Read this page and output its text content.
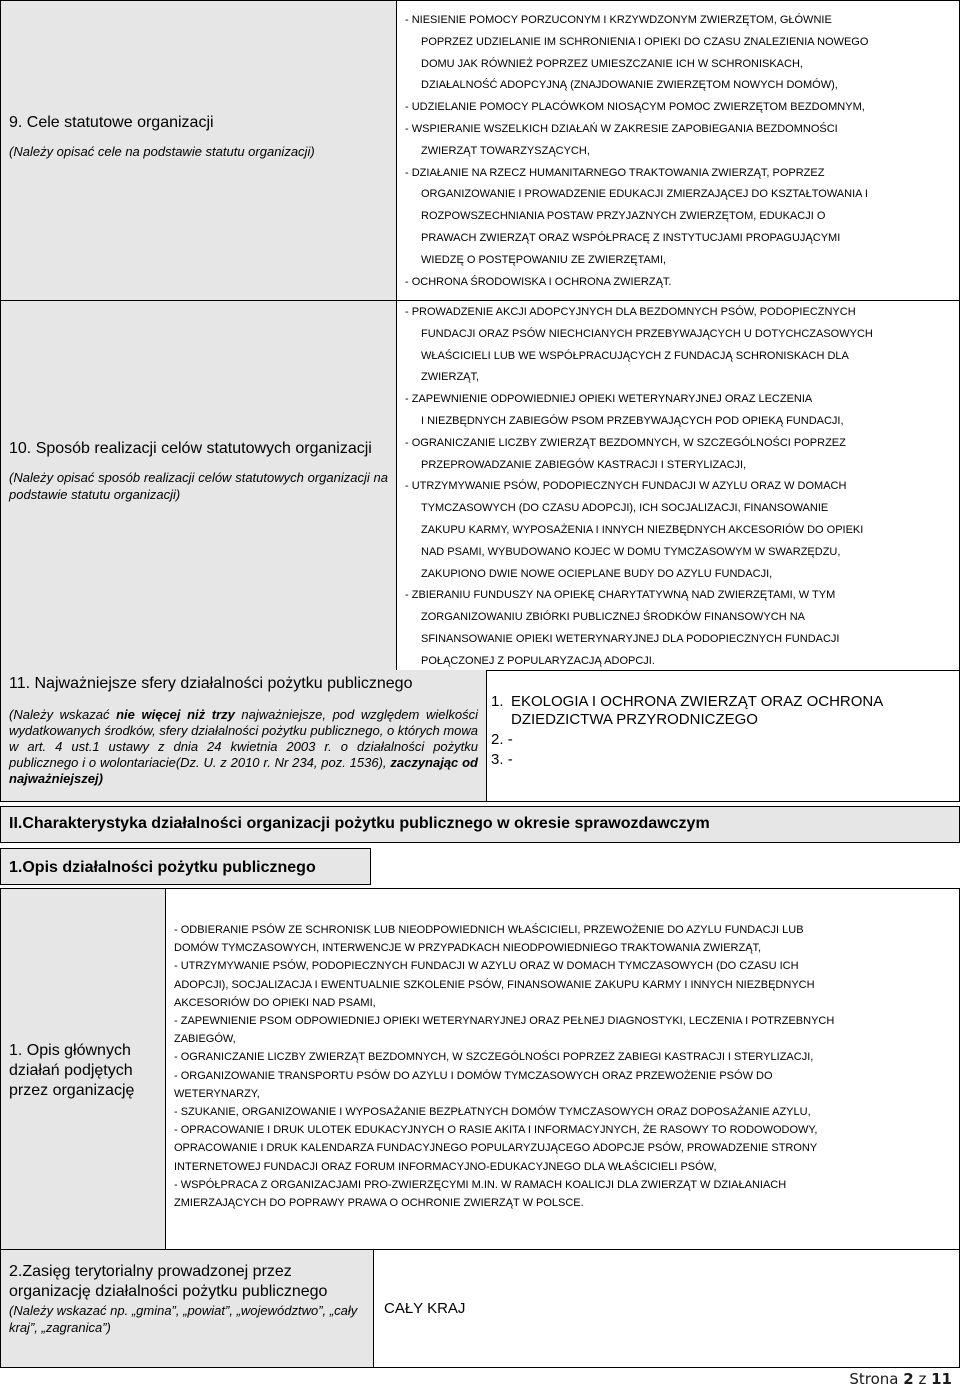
9. Cele statutowe organizacji
(Należy opisać cele na podstawie statutu organizacji)

- NIESIENIE POMOCY PORZUCONYM I KRZYWDZONYM ZWIERZĘTOM, GŁÓWNIE

POPRZEZ UDZIELANIE IM SCHRONIENIA I OPIEKI DO CZASU ZNALEZIENIA NOWEGO

DOMU JAK RÓWNIEŻ POPRZEZ UMIESZCZANIE ICH W SCHRONISKACH,

DZIAŁALNOŚĆ ADOPCYJNĄ (ZNAJDOWANIE ZWIERZĘTOM NOWYCH DOMÓW),

- UDZIELANIE POMOCY PLACÓWKOM NIOSĄCYM POMOC ZWIERZĘTOM BEZDOMNYM,

- WSPIERANIE WSZELKICH DZIAŁAŃ W ZAKRESIE ZAPOBIEGANIA BEZDOMNOŚCI

ZWIERZĄT TOWARZYSZĄCYCH,

- DZIAŁANIE NA RZECZ HUMANITARNEGO TRAKTOWANIA ZWIERZĄT, POPRZEZ

ORGANIZOWANIE I PROWADZENIE EDUKACJI ZMIERZAJĄCEJ DO KSZTAŁTOWANIA I

ROZPOWSZECHNIANIA POSTAW PRZYJAZNYCH ZWIERZĘTOM, EDUKACJI O

PRAWACH ZWIERZĄT ORAZ WSPÓŁPRACĘ Z INSTYTUCJAMI PROPAGUJĄCYMI

WIEDZĘ O POSTĘPOWANIU ZE ZWIERZĘTAMI,

- OCHRONA ŚRODOWISKA I OCHRONA ZWIERZĄT.

10. Sposób realizacji celów statutowych organizacji
(Należy opisać sposób realizacji celów statutowych organizacji na podstawie statutu organizacji)

- PROWADZENIE AKCJI ADOPCYJNYCH DLA BEZDOMNYCH PSÓW, PODOPIECZNYCH

FUNDACJI ORAZ PSÓW NIECHCIANYCH PRZEBYWAJĄCYCH U DOTYCHCZASOWYCH

WŁAŚCICIELI LUB WE WSPÓŁPRACUJĄCYCH Z FUNDACJĄ SCHRONISKACH DLA

ZWIERZĄT,

- ZAPEWNIENIE ODPOWIEDNIEJ OPIEKI WETERYNARYJNEJ ORAZ LECZENIA

I NIEZBĘDNYCH ZABIEGÓW PSOM PRZEBYWAJĄCYCH POD OPIEKĄ FUNDACJI,

- OGRANICZANIE LICZBY ZWIERZĄT BEZDOMNYCH, W SZCZEGÓLNOŚCI POPRZEZ

PRZEPROWADZANIE ZABIEGÓW KASTRACJI I STERYLIZACJI,

- UTRZYMYWANIE PSÓW, PODOPIECZNYCH FUNDACJI W AZYLU ORAZ W DOMACH

TYMCZASOWYCH (DO CZASU ADOPCJI), ICH SOCJALIZACJI, FINANSOWANIE

ZAKUPU KARMY, WYPOSAŻENIA I INNYCH NIEZBĘDNYCH AKCESORIÓW DO OPIEKI

NAD PSAMI, WYBUDOWANO KOJEC W DOMU TYMCZASOWYM W SWARZĘDZU,

ZAKUPIONO DWIE NOWE OCIEPLANE BUDY DO AZYLU FUNDACJI,

- ZBIERANIU FUNDUSZY NA OPIEKĘ CHARYTATYWNĄ NAD ZWIERZĘTAMI, W TYM

ZORGANIZOWANIU ZBIÓRKI PUBLICZNEJ ŚRODKÓW FINANSOWYCH NA

SFINANSOWANIE OPIEKI WETERYNARYJNEJ DLA PODOPIECZNYCH FUNDACJI

POŁĄCZONEJ Z POPULARYZACJĄ ADOPCJI.

11. Najważniejsze sfery działalności pożytku publicznego
(Należy wskazać nie więcej niż trzy najważniejsze, pod względem wielkości wydatkowanych środków, sfery działalności pożytku publicznego, o których mowa w art. 4 ust.1 ustawy z dnia 24 kwietnia 2003 r. o działalności pożytku publicznego i o wolontariacie(Dz. U. z 2010 r. Nr 234, poz. 1536), zaczynając od najważniejszej)
1. EKOLOGIA I OCHRONA ZWIERZĄT ORAZ OCHRONA DZIEDZICTWA PRZYRODNICZEGO
2. -
3. -
II.Charakterystyka działalności organizacji pożytku publicznego w okresie sprawozdawczym
1.Opis działalności pożytku publicznego
1. Opis głównych działań podjętych przez organizację

- ODBIERANIE PSÓW ZE SCHRONISK LUB NIEODPOWIEDNICH WŁAŚCICIELI, PRZEWOŻENIE DO AZYLU FUNDACJI LUB

DOMÓW TYMCZASOWYCH, INTERWENCJE W PRZYPADKACH NIEODPOWIEDNIEGO TRAKTOWANIA ZWIERZĄT,

- UTRZYMYWANIE PSÓW, PODOPIECZNYCH FUNDACJI W AZYLU ORAZ W DOMACH TYMCZASOWYCH (DO CZASU ICH

ADOPCJI), SOCJALIZACJA I EWENTUALNIE SZKOLENIE PSÓW, FINANSOWANIE ZAKUPU KARMY I INNYCH NIEZBĘDNYCH

AKCESORIÓW DO OPIEKI NAD PSAMI,

- ZAPEWNIENIE PSOM ODPOWIEDNIEJ OPIEKI WETERYNARYJNEJ ORAZ PEŁNEJ DIAGNOSTYKI, LECZENIA I POTRZEBNYCH

ZABIEGÓW,

- OGRANICZANIE LICZBY ZWIERZĄT BEZDOMNYCH, W SZCZEGÓLNOŚCI POPRZEZ ZABIEGI KASTRACJI I STERYLIZACJI,

- ORGANIZOWANIE TRANSPORTU PSÓW DO AZYLU I DOMÓW TYMCZASOWYCH ORAZ PRZEWOŻENIE PSÓW DO

WETERYNARZY,

- SZUKANIE, ORGANIZOWANIE I WYPOSAŻANIE BEZPŁATNYCH DOMÓW TYMCZASOWYCH ORAZ DOPOSAŻANIE AZYLU,

- OPRACOWANIE I DRUK ULOTEK EDUKACYJNYCH O RASIE AKITA I INFORMACYJNYCH, ŻE RASOWY TO RODOWODOWY,

OPRACOWANIE I DRUK KALENDARZA FUNDACYJNEGO POPULARYZUJĄCEGO ADOPCJE PSÓW, PROWADZENIE STRONY

INTERNETOWEJ FUNDACJI ORAZ FORUM INFORMACYJNO-EDUKACYJNEGO DLA WŁAŚCICIELI PSÓW,

- WSPÓŁPRACA Z ORGANIZACJAMI PRO-ZWIERZĘCYMI M.IN. W RAMACH KOALICJI DLA ZWIERZĄT W DZIAŁANIACH

ZMIERZAJĄCYCH DO POPRAWY PRAWA O OCHRONIE ZWIERZĄT W POLSCE.

2.Zasięg terytorialny prowadzonej przez organizację działalności pożytku publicznego
(Należy wskazać np. „gmina”, „powiat”, „województwo”, „cały kraj”, „zagranica”)
CAŁY KRAJ
Strona 2 z 11
